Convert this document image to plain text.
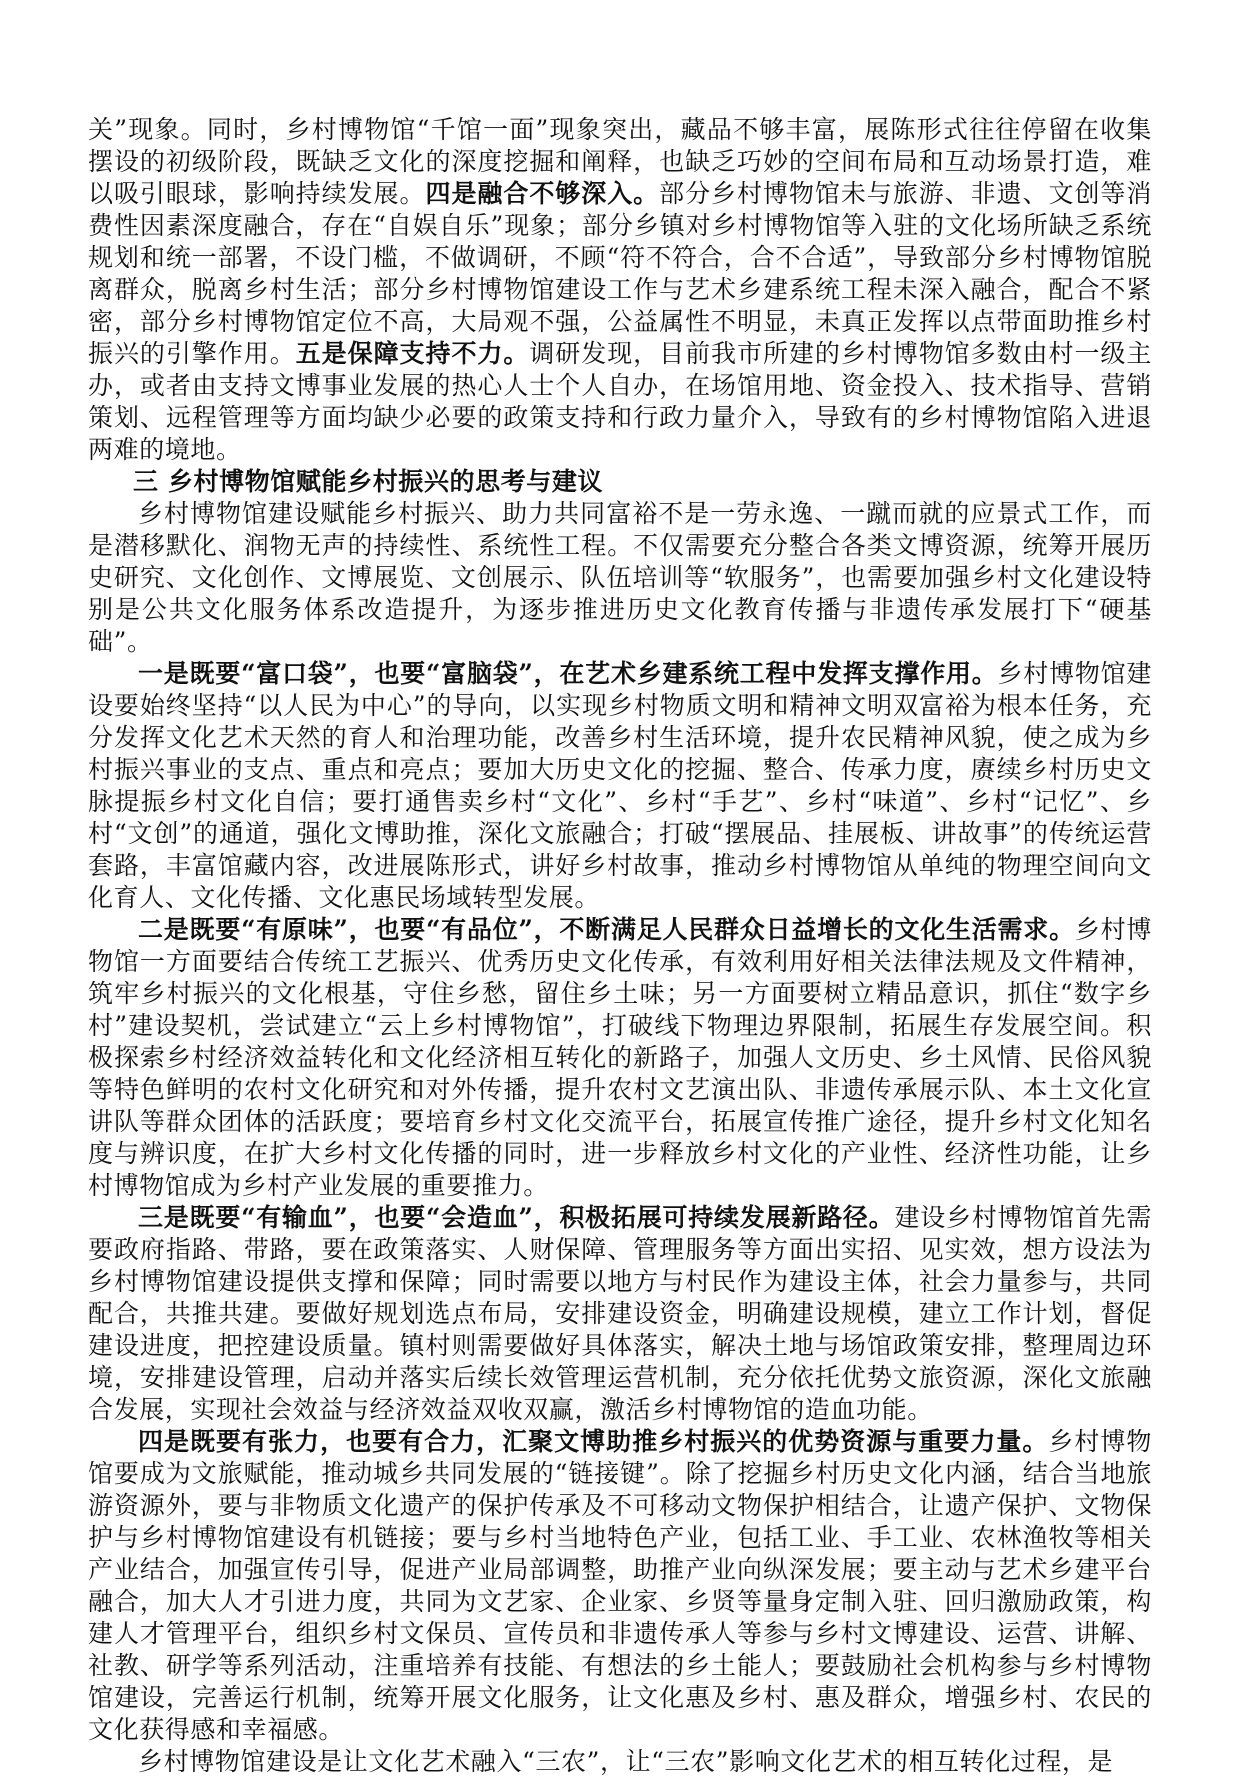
关”现象。同时，乡村博物馆“千馆一面”现象突出，藏品不够丰富，展陈形式往往停留在收集摆设的初级阶段，既缺乏文化的深度挖掘和阐释，也缺乏巧妙的空间布局和互动场景打造，难以吸引眼球，影响持续发展。四是融合不够深入。部分乡村博物馆未与旅游、非遗、文创等消费性因素深度融合，存在“自娱自乐”现象；部分乡镇对乡村博物馆等入驻的文化场所缺乏系统规划和统一部署，不设门槛，不做调研，不顾“符不符合，合不合适”，导致部分乡村博物馆脱离群众，脱离乡村生活；部分乡村博物馆建设工作与艺术乡建系统工程未深入融合，配合不紧密，部分乡村博物馆定位不高，大局观不强，公益属性不明显，未真正发挥以点带面助推乡村振兴的引擎作用。五是保障支持不力。调研发现，目前我市所建的乡村博物馆多数由村一级主办，或者由支持文博事业发展的热心人士个人自办，在场馆用地、资金投入、技术指导、营销策划、远程管理等方面均缺少必要的政策支持和行政力量介入，导致有的乡村博物馆陷入进退两难的境地。

三 乡村博物馆赋能乡村振兴的思考与建议

乡村博物馆建设赋能乡村振兴、助力共同富裕不是一劳永逸、一蹴而就的应景式工作，而是潜移默化、润物无声的持续性、系统性工程。不仅需要充分整合各类文博资源，统筹开展历史研究、文化创作、文博展览、文创展示、队伍培训等“软服务”，也需要加强乡村文化建设特别是公共文化服务体系改造提升，为逐步推进历史文化教育传播与非遗传承发展打下“硬基础”。

一是既要“富口袋”，也要“富脑袋”，在艺术乡建系统工程中发挥支撑作用。乡村博物馆建设要始终坚持“以人民为中心”的导向，以实现乡村物质文明和精神文明双富裕为根本任务，充分发挥文化艺术天然的育人和治理功能，改善乡村生活环境，提升农民精神风貌，使之成为乡村振兴事业的支点、重点和亮点；要加大历史文化的挖掘、整合、传承力度，赓续乡村历史文脉提振乡村文化自信；要打通售卖乡村“文化”、乡村“手艺”、乡村“味道”、乡村“记忆”、乡村“文创”的通道，强化文博助推，深化文旅融合；打破“摆展品、挂展板、讲故事”的传统运营套路，丰富馆藏内容，改进展陈形式，讲好乡村故事，推动乡村博物馆从单纯的物理空间向文化育人、文化传播、文化惠民场域转型发展。

二是既要“有原味”，也要“有品位”，不断满足人民群众日益增长的文化生活需求。乡村博物馆一方面要结合传统工艺振兴、优秀历史文化传承，有效利用好相关法律法规及文件精神，筑牢乡村振兴的文化根基，守住乡愁，留住乡土味；另一方面要树立精品意识，抓住“数字乡村”建设契机，尝试建立“云上乡村博物馆”，打破线下物理边界限制，拓展生存发展空间。积极探索乡村经济效益转化和文化经济相互转化的新路子，加强人文历史、乡土风情、民俗风貌等特色鲜明的农村文化研究和对外传播，提升农村文艺演出队、非遗传承展示队、本土文化宣讲队等群众团体的活跃度；要培育乡村文化交流平台，拓展宣传推广途径，提升乡村文化知名度与辨识度，在扩大乡村文化传播的同时，进一步释放乡村文化的产业性、经济性功能，让乡村博物馆成为乡村产业发展的重要推力。

三是既要“有输血”，也要“会造血”，积极拓展可持续发展新路径。建设乡村博物馆首先需要政府指路、带路，要在政策落实、人财保障、管理服务等方面出实招、见实效，想方设法为乡村博物馆建设提供支撑和保障；同时需要以地方与村民作为建设主体，社会力量参与，共同配合，共推共建。要做好规划选点布局，安排建设资金，明确建设规模，建立工作计划，督促建设进度，把控建设质量。镇村则需要做好具体落实，解决土地与场馆政策安排，整理周边环境，安排建设管理，启动并落实后续长效管理运营机制，充分依托优势文旅资源，深化文旅融合发展，实现社会效益与经济效益双收双赢，激活乡村博物馆的造血功能。

四是既要有张力，也要有合力，汇聚文博助推乡村振兴的优势资源与重要力量。乡村博物馆要成为文旅赋能，推动城乡共同发展的“链接键”。除了挖掘乡村历史文化内涵，结合当地旅游资源外，要与非物质文化遗产的保护传承及不可移动文物保护相结合，让遗产保护、文物保护与乡村博物馆建设有机链接；要与乡村当地特色产业，包括工业、手工业、农林渔牧等相关产业结合，加强宣传引导，促进产业局部调整，助推产业向纵深发展；要主动与艺术乡建平台融合，加大人才引进力度，共同为文艺家、企业家、乡贤等量身定制入驻、回归激励政策，构建人才管理平台，组织乡村文保员、宣传员和非遗传承人等参与乡村文博建设、运营、讲解、社教、研学等系列活动，注重培养有技能、有想法的乡土能人；要鼓励社会机构参与乡村博物馆建设，完善运行机制，统筹开展文化服务，让文化惠及乡村、惠及群众，增强乡村、农民的文化获得感和幸福感。

乡村博物馆建设是让文化艺术融入“三农”，让“三农”影响文化艺术的相互转化过程，是
